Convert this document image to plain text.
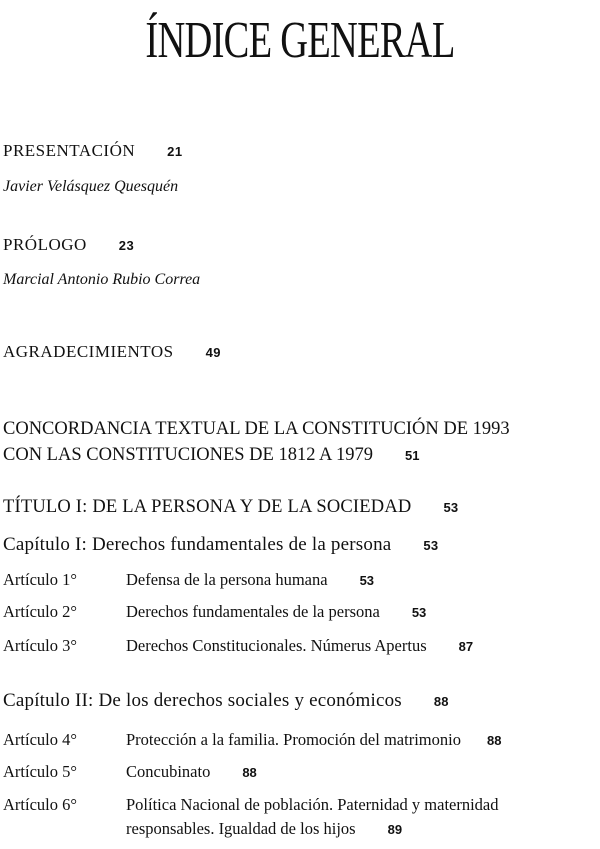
ÍNDICE GENERAL
PRESENTACIÓN 21
Javier Velásquez Quesquén
PRÓLOGO 23
Marcial Antonio Rubio Correa
AGRADECIMIENTOS 49
CONCORDANCIA TEXTUAL DE LA CONSTITUCIÓN DE 1993
CON LAS CONSTITUCIONES DE 1812 A 1979 51
TÍTULO I: DE LA PERSONA Y DE LA SOCIEDAD 53
Capítulo I: Derechos fundamentales de la persona 53
Artículo 1°	Defensa de la persona humana 53
Artículo 2°	Derechos fundamentales de la persona 53
Artículo 3°	Derechos Constitucionales. Númerus Apertus 87
Capítulo II: De los derechos sociales y económicos 88
Artículo 4°	Protección a la familia. Promoción del matrimonio 88
Artículo 5°	Concubinato 88
Artículo 6°	Política Nacional de población. Paternidad y maternidad
responsables. Igualdad de los hijos 89
